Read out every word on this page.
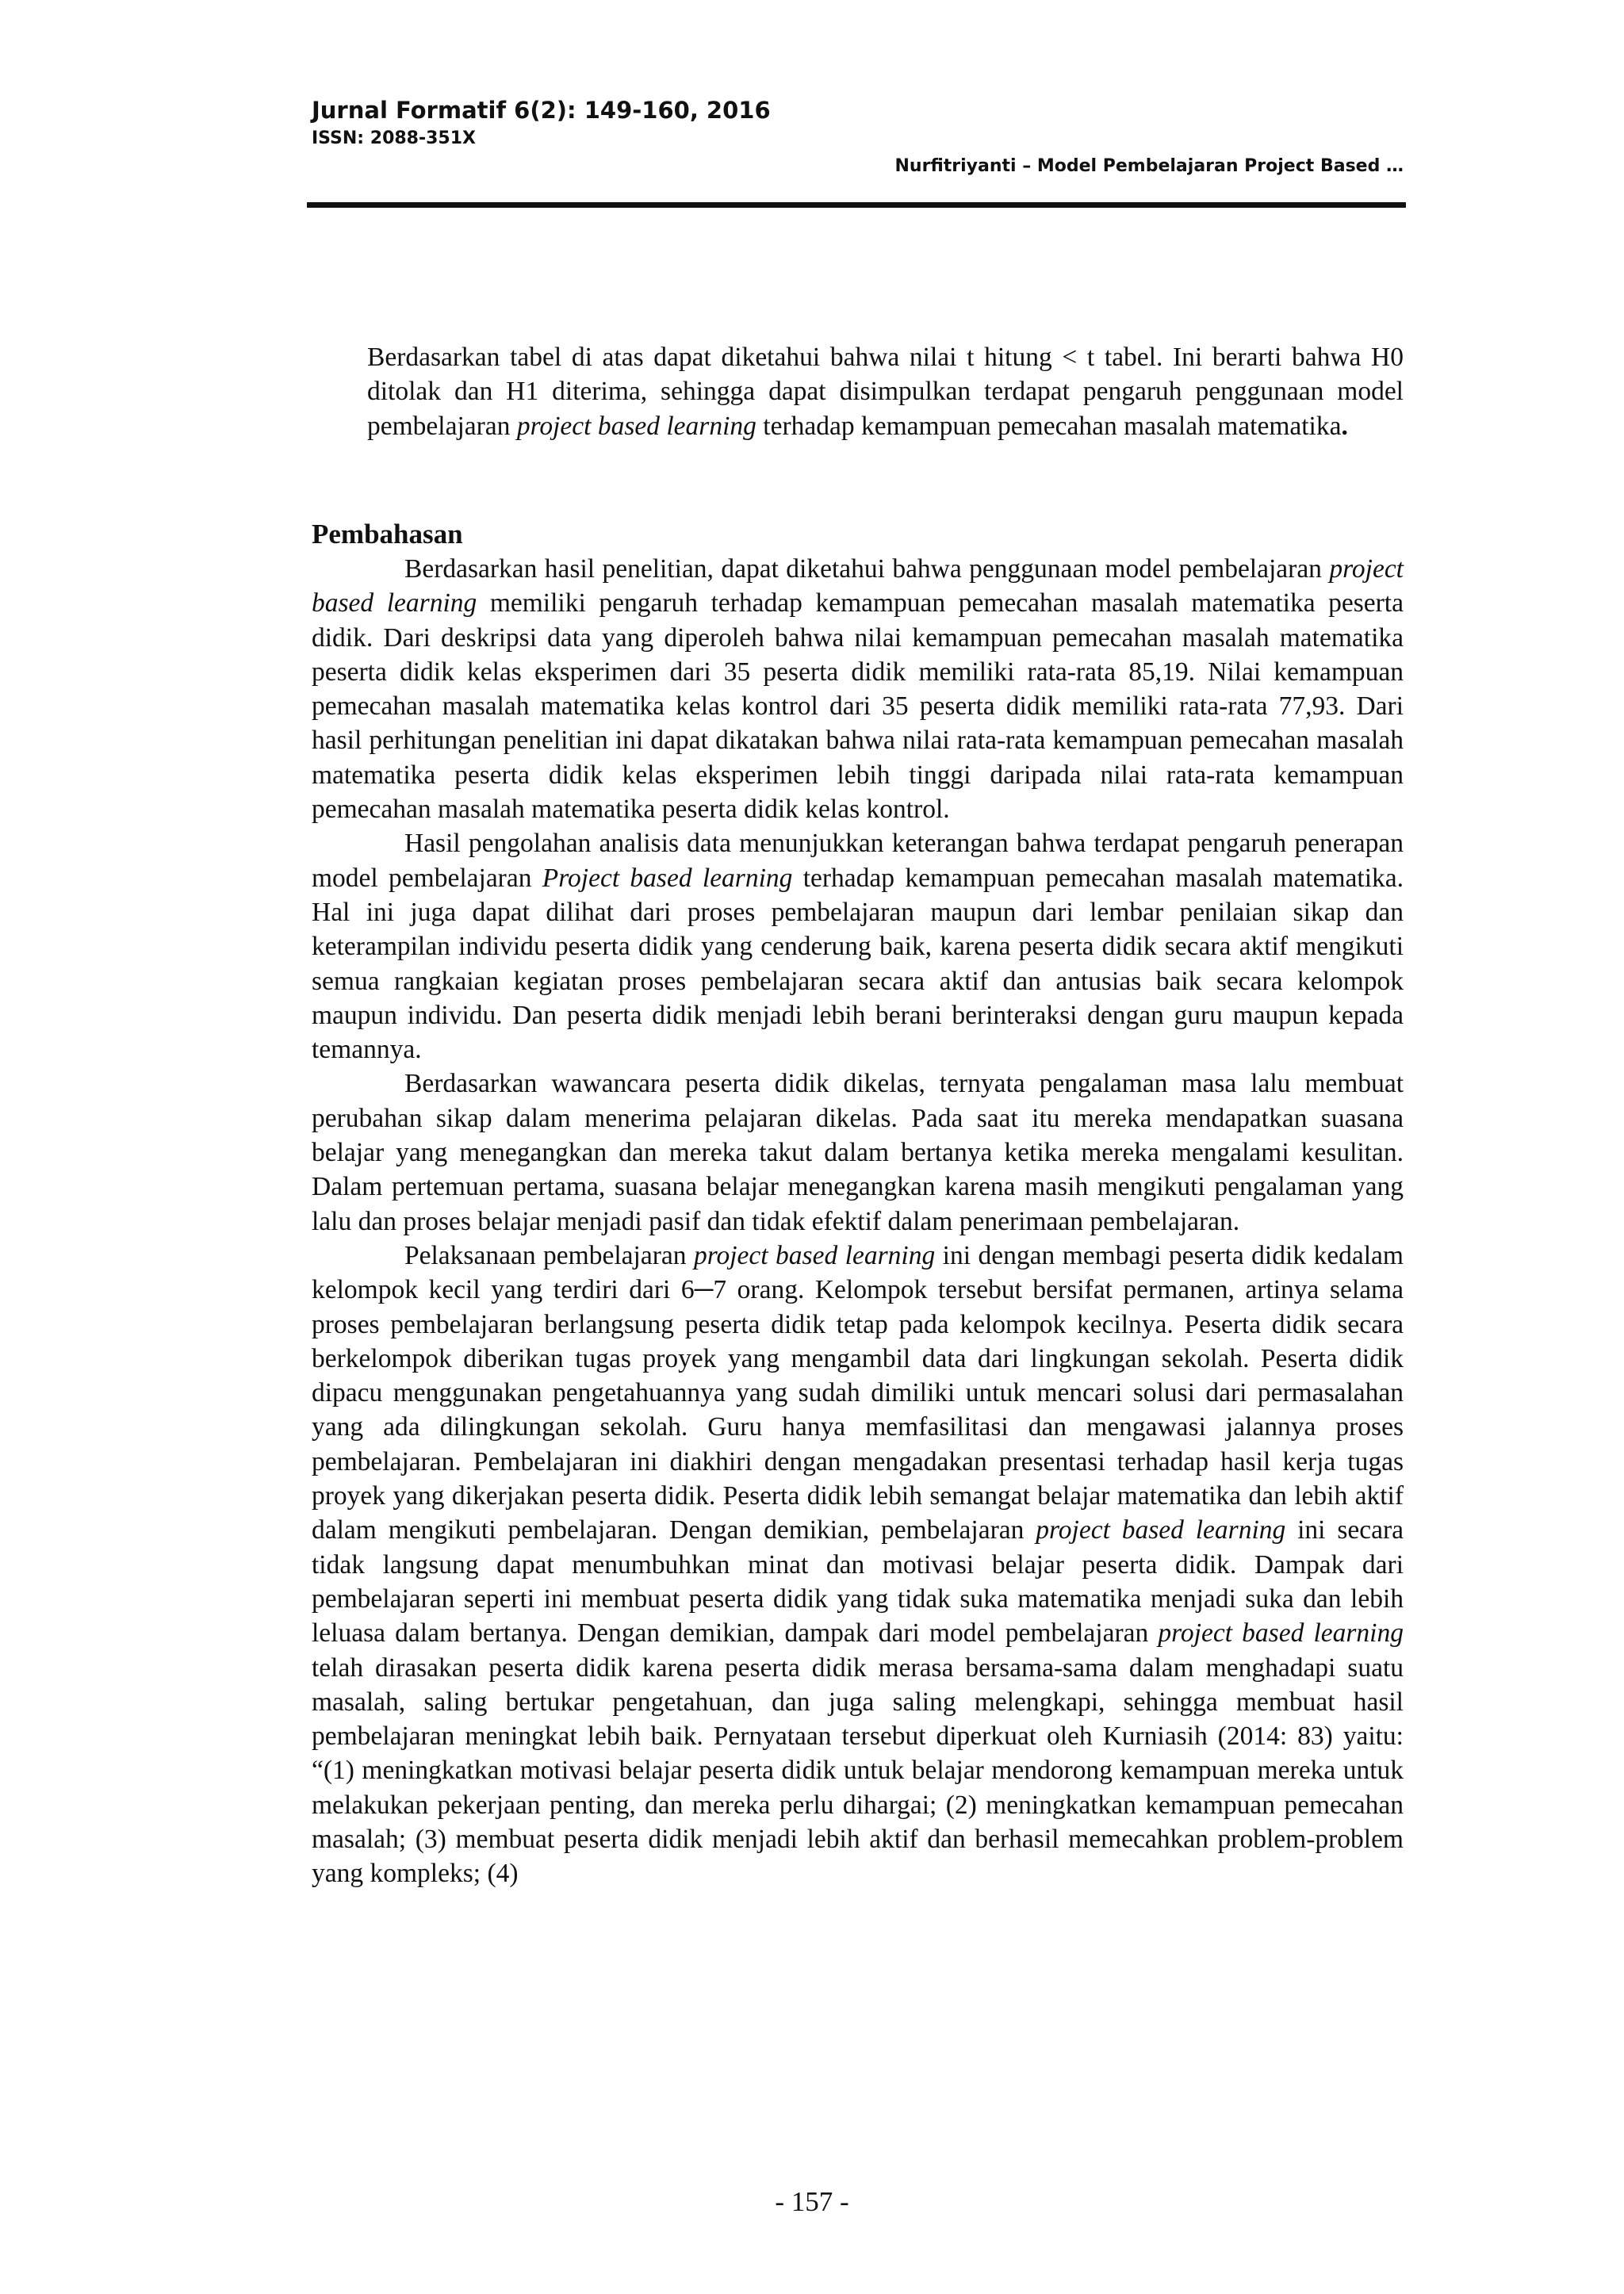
Jurnal Formatif 6(2): 149-160, 2016
ISSN: 2088-351X
Nurfitriyanti – Model Pembelajaran Project Based …
Berdasarkan tabel di atas dapat diketahui bahwa nilai t hitung < t tabel. Ini berarti bahwa H0 ditolak dan H1 diterima, sehingga dapat disimpulkan terdapat pengaruh penggunaan model pembelajaran project based learning terhadap kemampuan pemecahan masalah matematika.
Pembahasan

Berdasarkan hasil penelitian, dapat diketahui bahwa penggunaan model pembelajaran project based learning memiliki pengaruh terhadap kemampuan pemecahan masalah matematika peserta didik. Dari deskripsi data yang diperoleh bahwa nilai kemampuan pemecahan masalah matematika peserta didik kelas eksperimen dari 35 peserta didik memiliki rata-rata 85,19. Nilai kemampuan pemecahan masalah matematika kelas kontrol dari 35 peserta didik memiliki rata-rata 77,93. Dari hasil perhitungan penelitian ini dapat dikatakan bahwa nilai rata-rata kemampuan pemecahan masalah matematika peserta didik kelas eksperimen lebih tinggi daripada nilai rata-rata kemampuan pemecahan masalah matematika peserta didik kelas kontrol.

Hasil pengolahan analisis data menunjukkan keterangan bahwa terdapat pengaruh penerapan model pembelajaran Project based learning terhadap kemampuan pemecahan masalah matematika. Hal ini juga dapat dilihat dari proses pembelajaran maupun dari lembar penilaian sikap dan keterampilan individu peserta didik yang cenderung baik, karena peserta didik secara aktif mengikuti semua rangkaian kegiatan proses pembelajaran secara aktif dan antusias baik secara kelompok maupun individu. Dan peserta didik menjadi lebih berani berinteraksi dengan guru maupun kepada temannya.

Berdasarkan wawancara peserta didik dikelas, ternyata pengalaman masa lalu membuat perubahan sikap dalam menerima pelajaran dikelas. Pada saat itu mereka mendapatkan suasana belajar yang menegangkan dan mereka takut dalam bertanya ketika mereka mengalami kesulitan. Dalam pertemuan pertama, suasana belajar menegangkan karena masih mengikuti pengalaman yang lalu dan proses belajar menjadi pasif dan tidak efektif dalam penerimaan pembelajaran.

Pelaksanaan pembelajaran project based learning ini dengan membagi peserta didik kedalam kelompok kecil yang terdiri dari 6─7 orang. Kelompok tersebut bersifat permanen, artinya selama proses pembelajaran berlangsung peserta didik tetap pada kelompok kecilnya. Peserta didik secara berkelompok diberikan tugas proyek yang mengambil data dari lingkungan sekolah. Peserta didik dipacu menggunakan pengetahuannya yang sudah dimiliki untuk mencari solusi dari permasalahan yang ada dilingkungan sekolah. Guru hanya memfasilitasi dan mengawasi jalannya proses pembelajaran. Pembelajaran ini diakhiri dengan mengadakan presentasi terhadap hasil kerja tugas proyek yang dikerjakan peserta didik. Peserta didik lebih semangat belajar matematika dan lebih aktif dalam mengikuti pembelajaran. Dengan demikian, pembelajaran project based learning ini secara tidak langsung dapat menumbuhkan minat dan motivasi belajar peserta didik. Dampak dari pembelajaran seperti ini membuat peserta didik yang tidak suka matematika menjadi suka dan lebih leluasa dalam bertanya. Dengan demikian, dampak dari model pembelajaran project based learning telah dirasakan peserta didik karena peserta didik merasa bersama-sama dalam menghadapi suatu masalah, saling bertukar pengetahuan, dan juga saling melengkapi, sehingga membuat hasil pembelajaran meningkat lebih baik. Pernyataan tersebut diperkuat oleh Kurniasih (2014: 83) yaitu: “(1) meningkatkan motivasi belajar peserta didik untuk belajar mendorong kemampuan mereka untuk melakukan pekerjaan penting, dan mereka perlu dihargai; (2) meningkatkan kemampuan pemecahan masalah; (3) membuat peserta didik menjadi lebih aktif dan berhasil memecahkan problem-problem yang kompleks; (4)

- 157 -
